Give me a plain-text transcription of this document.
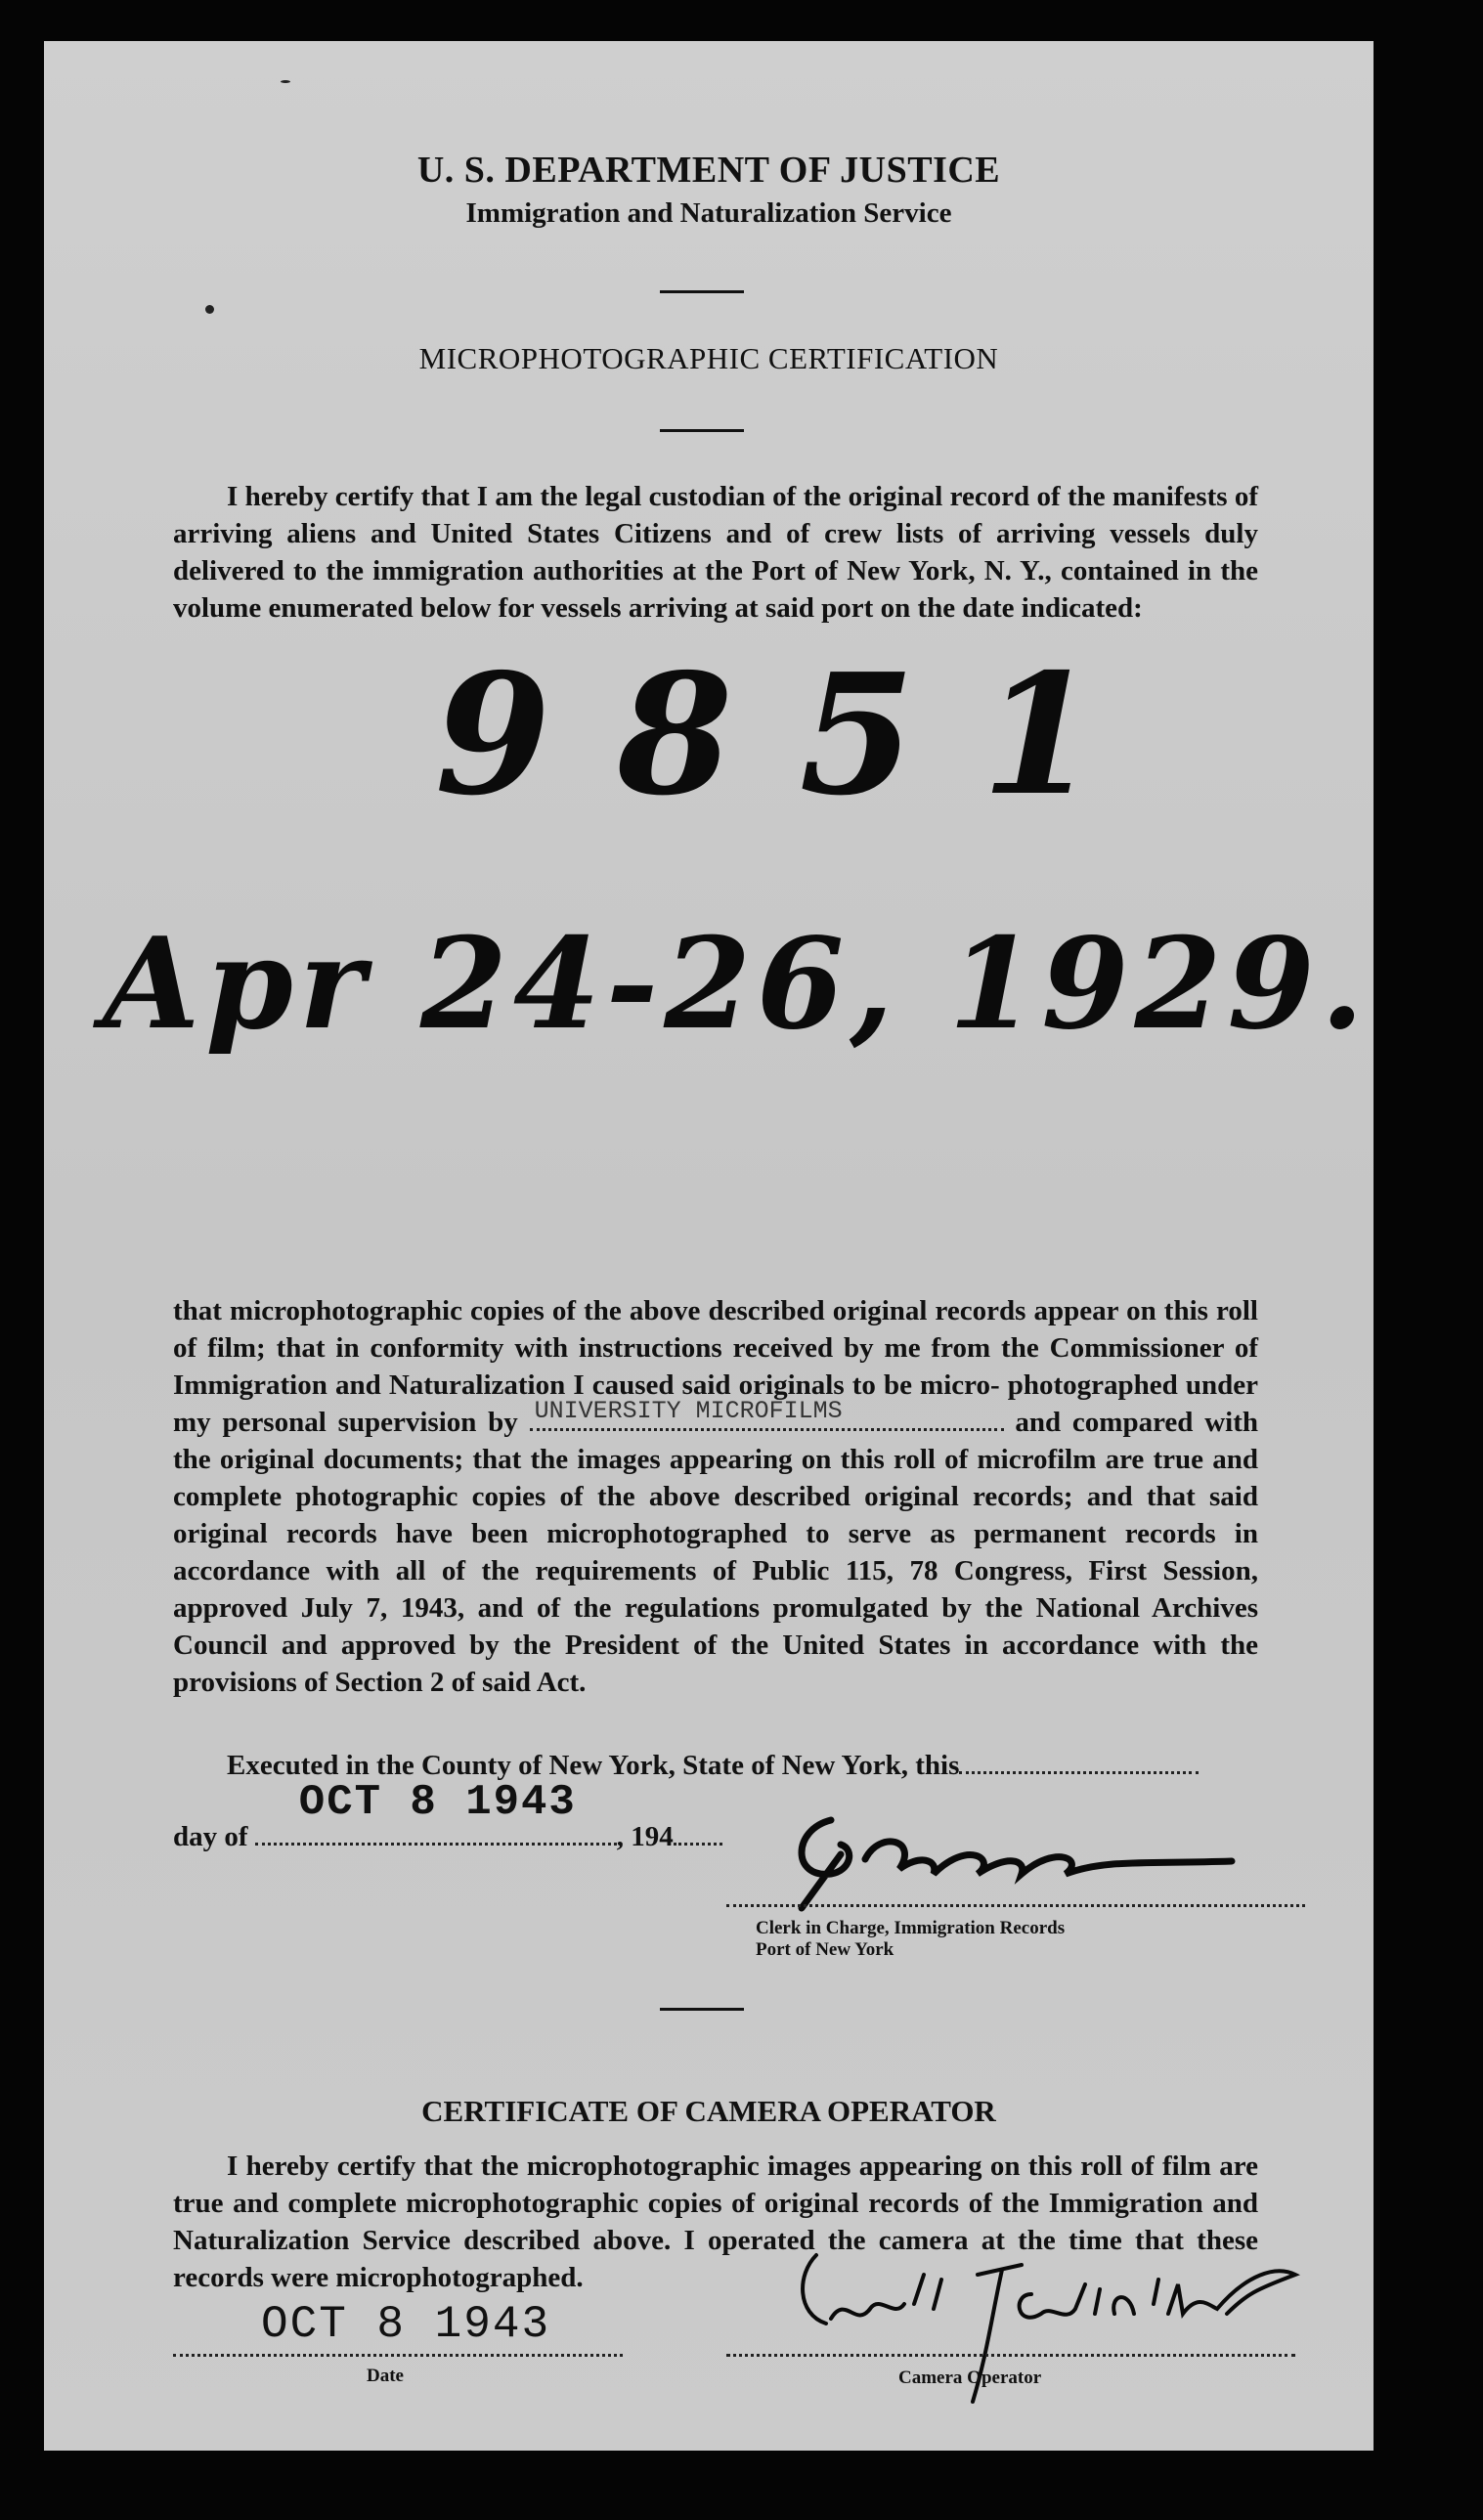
U. S. DEPARTMENT OF JUSTICE
Immigration and Naturalization Service
MICROPHOTOGRAPHIC CERTIFICATION

I hereby certify that I am the legal custodian of the original record of the manifests of arriving aliens and United States Citizens and of crew lists of arriving vessels duly delivered to the immigration authorities at the Port of New York, N. Y., contained in the volume enumerated below for vessels arriving at said port on the date indicated:

9851
Apr 24-26, 1929.
that microphotographic copies of the above described original records appear on this roll of film; that in conformity with instructions received by me from the Commissioner of Immigration and Naturalization I caused said originals to be micro- photographed under my personal supervision by UNIVERSITY MICROFILMS	and compared with the original documents; that the images appearing on this roll of microfilm are true and complete photographic copies of the above described original records; and that said original records have been microphotographed to serve as permanent records in accordance with all of the requirements of Public 115, 78 Congress, First Session, approved July 7, 1943, and of the regulations promulgated by the National Archives Council and approved by the President of the United States in accordance with the provisions of Section 2 of said Act.

Executed in the County of New York, State of New York, this

day of
OCT 8 1943
, 194
Clerk in Charge, Immigration Records
Port of New York
CERTIFICATE OF CAMERA OPERATOR

I hereby certify that the microphotographic images appearing on this roll of film are true and complete microphotographic copies of original records of the Immigration and Naturalization Service described above. I operated the camera at the time that these records were microphotographed.

OCT 8 1943
Date	Camera Operator
